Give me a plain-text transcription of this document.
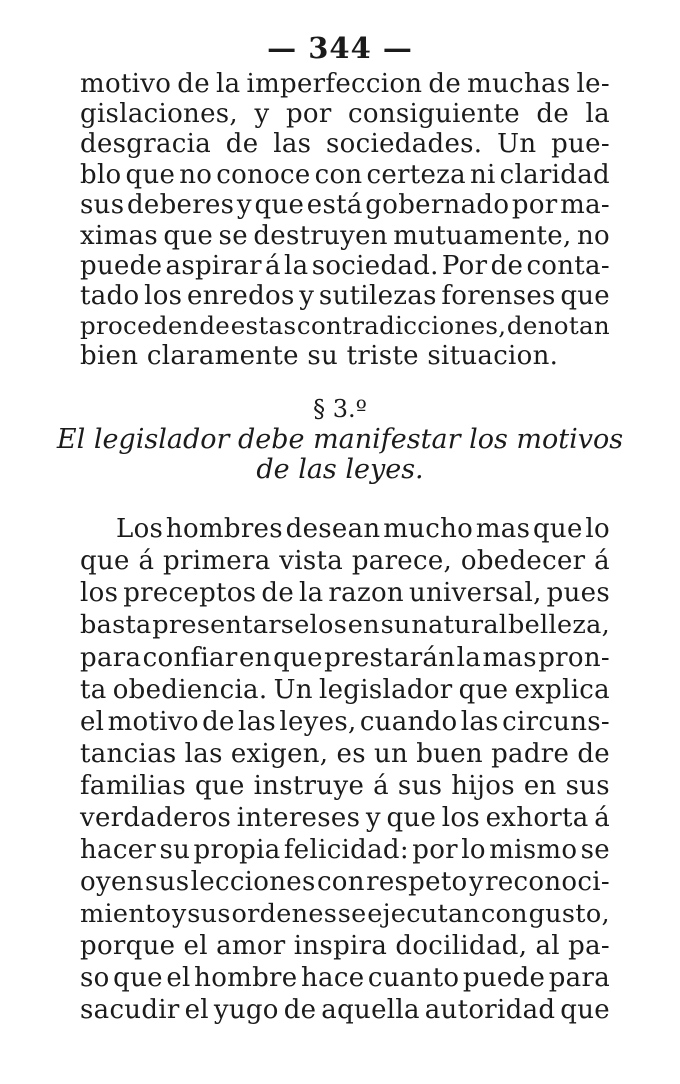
— 344 —
motivo de la imperfeccion de muchas le-
gislaciones, y por consiguiente de la
desgracia de las sociedades. Un pue-
blo que no conoce con certeza ni claridad
sus deberes y que está gobernado por ma-
ximas que se destruyen mutuamente, no
puede aspirar á la sociedad. Por de conta-
tado los enredos y sutilezas forenses que
proceden de estas contradicciones, denotan
bien claramente su triste situacion.
§ 3.º
El legislador debe manifestar los motivos
de las leyes.
Los hombres desean mucho mas que lo
que á primera vista parece, obedecer á
los preceptos de la razon universal, pues
basta presentarselos en su natural belleza,
para confiar en que prestarán la mas pron-
ta obediencia. Un legislador que explica
el motivo de las leyes, cuando las circuns-
tancias las exigen, es un buen padre de
familias que instruye á sus hijos en sus
verdaderos intereses y que los exhorta á
hacer su propia felicidad: por lo mismo se
oyen sus lecciones con respeto y reconoci-
miento y sus ordenes se ejecutan con gusto,
porque el amor inspira docilidad, al pa-
so que el hombre hace cuanto puede para
sacudir el yugo de aquella autoridad que
